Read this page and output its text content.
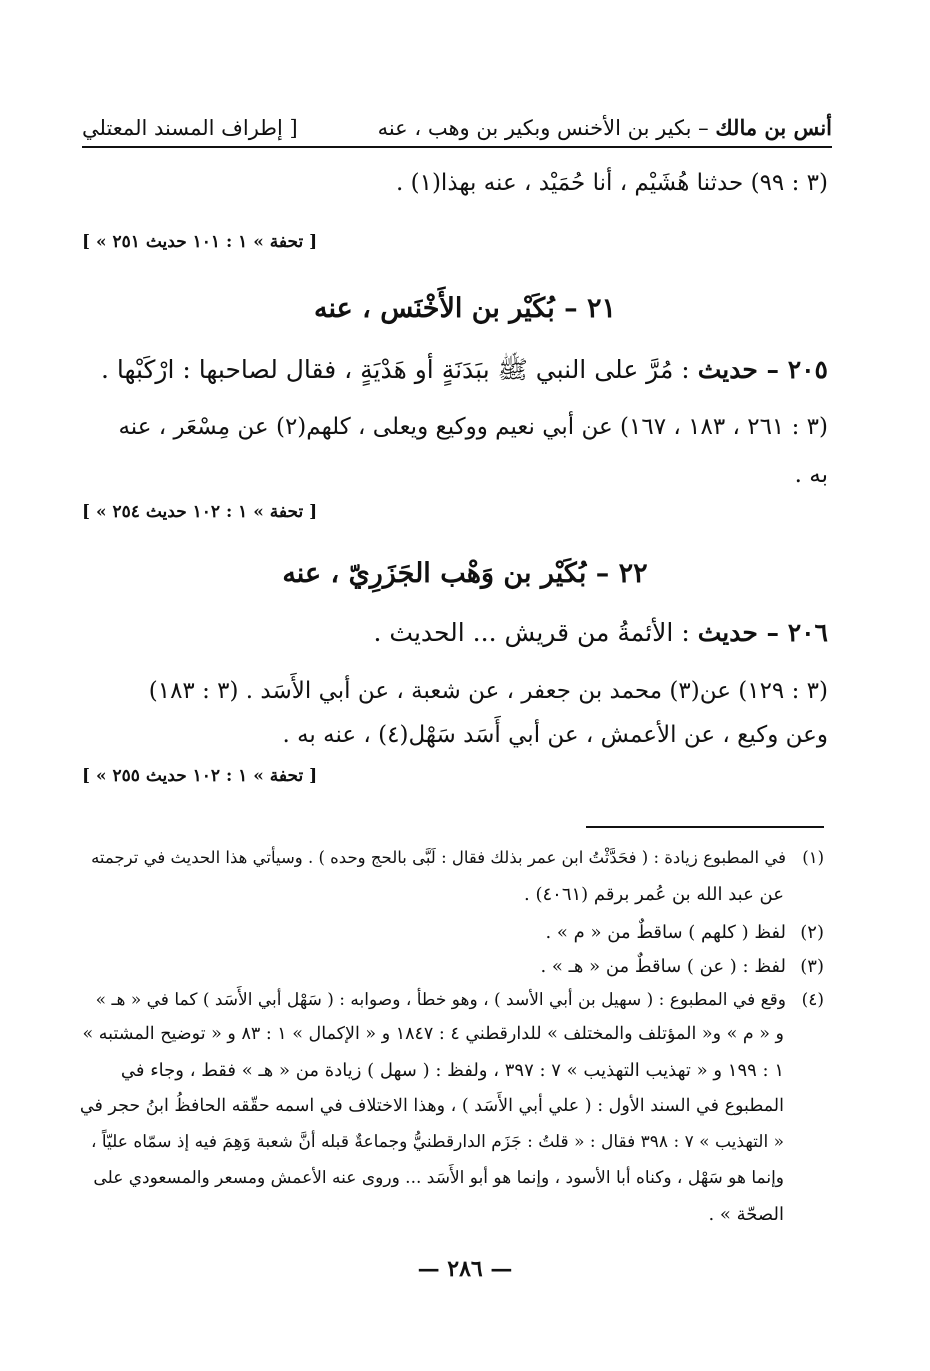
أنس بن مالك – بكير بن الأخنس وبكير بن وهب ، عنه
[ إطراف المسند المعتلي
(٣ : ٩٩) حدثنا هُشَيْم ، أنا حُمَيْد ، عنه بهذا(١) .
[ « تحفة » ١ : ١٠١ حديث ٢٥١ ]
٢١ – بُكَيْر بن الأَخْنَس ، عنه
٢٠٥ – حديث : مُرَّ على النبي ﷺ ببَدَنَةٍ أو هَدْيَةٍ ، فقال لصاحبها : ارْكَبْها .
(٣ : ٢٦١ ، ١٨٣ ، ١٦٧) عن أبي نعيم ووكيع ويعلى ، كلهم(٢) عن مِسْعَر ، عنه
به .
[ « تحفة » ١ : ١٠٢ حديث ٢٥٤ ]
٢٢ – بُكَيْر بن وَهْب الجَزَرِيّ ، عنه
٢٠٦ – حديث : الأئمةُ من قريش ... الحديث .
(٣ : ١٢٩) عن(٣) محمد بن جعفر ، عن شعبة ، عن أبي الأَسَد . (٣ : ١٨٣)
وعن وكيع ، عن الأعمش ، عن أبي أَسَد سَهْل(٤) ، عنه به .
[ « تحفة » ١ : ١٠٢ حديث ٢٥٥ ]
(١)في المطبوع زيادة : ( فحَدَّثْتُ ابن عمر بذلك فقال : لَبَّى بالحج وحده ) . وسيأتي هذا الحديث في ترجمته
عن عبد الله بن عُمر برقم (٤٠٦١) .
(٢)لفظ ( كلهم ) ساقطٌ من « م » .
(٣)لفظ : ( عن ) ساقطٌ من « هـ » .
(٤)وقع في المطبوع : ( سهيل بن أبي الأسد ) ، وهو خطأ ، وصوابه : ( سَهْل أبي الأَسَد ) كما في « هـ »
و « م » و« المؤتلف والمختلف » للدارقطني ٤ : ١٨٤٧ و « الإكمال » ١ : ٨٣ و « توضيح المشتبه »
١ : ١٩٩ و « تهذيب التهذيب » ٧ : ٣٩٧ ، ولفظ : ( سهل ) زيادة من « هـ » فقط ، وجاء في
المطبوع في السند الأول : ( علي أبي الأَسَد ) ، وهذا الاختلاف في اسمه حقّقه الحافظُ ابنُ حجر في
« التهذيب » ٧ : ٣٩٨ فقال : « قلتُ : جَزَم الدارقطنيُّ وجماعةٌ قبله أنَّ شعبة وَهِمَ فيه إذ سمّاه عليّاً ،
وإنما هو سَهْل ، وكناه أبا الأسود ، وإنما هو أبو الأَسَد ... وروى عنه الأعمش ومسعر والمسعودي على
الصحّة » .
— ٢٨٦ —
